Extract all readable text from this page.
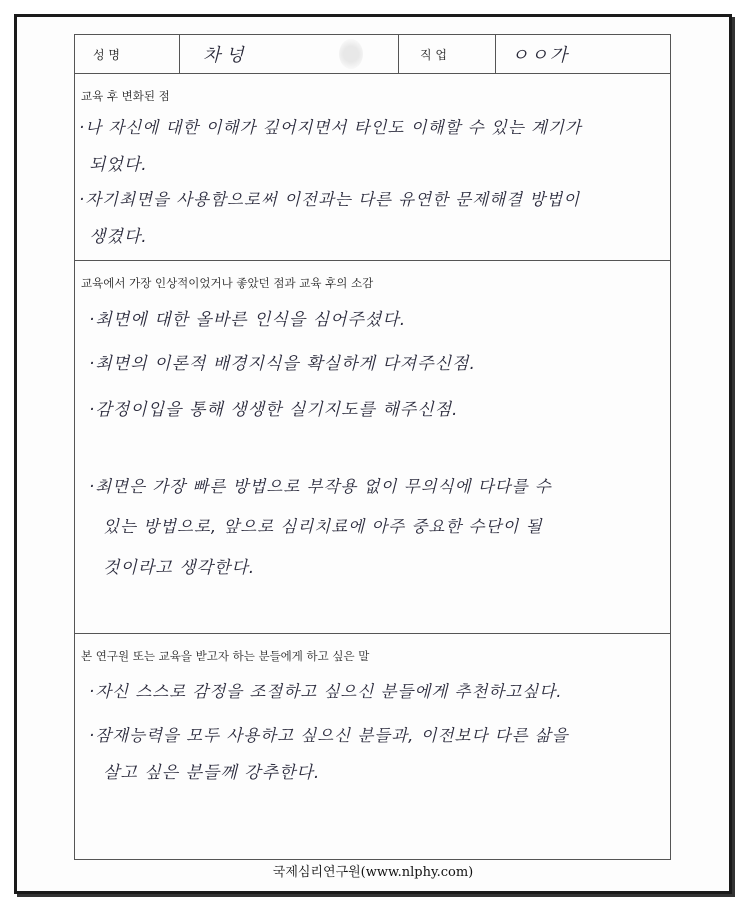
성 명	차 넝	직 업	ㅇㅇ가
교육 후 변화된 점
·나 자신에 대한 이해가 깊어지면서 타인도 이해할 수 있는 계기가
되었다.
·자기최면을 사용함으로써 이전과는 다른 유연한 문제해결 방법이
생겼다.
교육에서 가장 인상적이었거나 좋았던 점과 교육 후의 소감
·최면에 대한 올바른 인식을 심어주셨다.
·최면의 이론적 배경지식을 확실하게 다져주신점.
·감정이입을 통해 생생한 실기지도를 해주신점.
·최면은 가장 빠른 방법으로 부작용 없이 무의식에 다다를 수
있는 방법으로, 앞으로 심리치료에 아주 중요한 수단이 될
것이라고 생각한다.
본 연구원 또는 교육을 받고자 하는 분들에게 하고 싶은 말
·자신 스스로 감정을 조절하고 싶으신 분들에게 추천하고싶다.
·잠재능력을 모두 사용하고 싶으신 분들과, 이전보다 다른 삶을
살고 싶은 분들께 강추한다.
국제심리연구원(www.nlphy.com)
